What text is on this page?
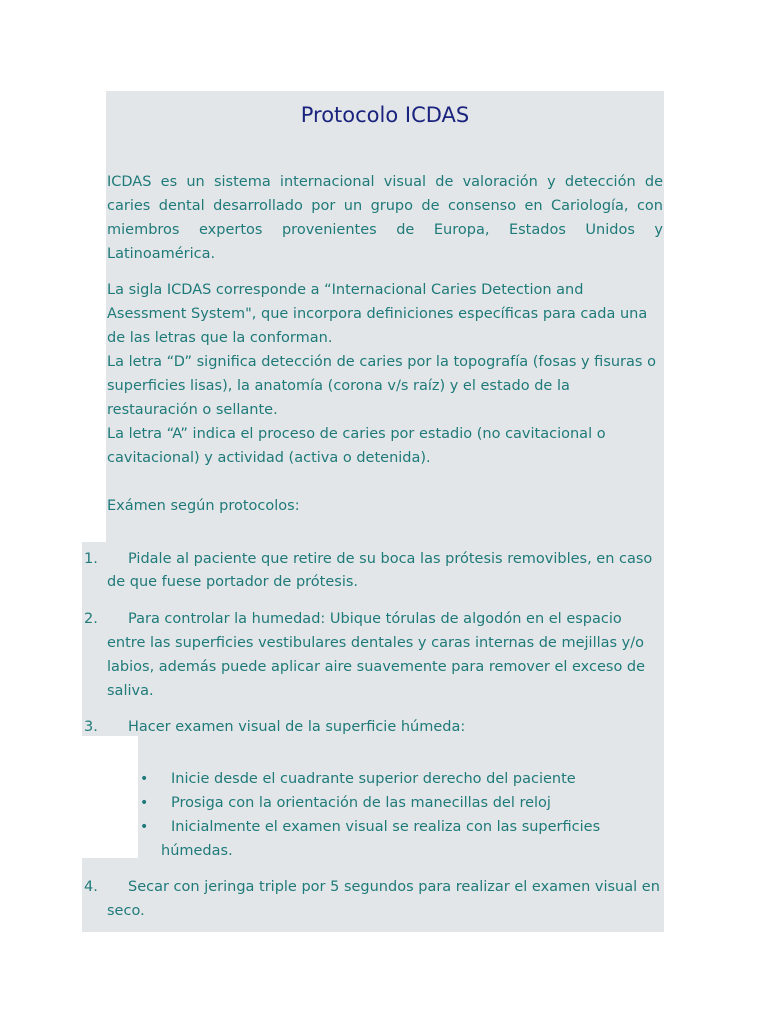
Protocolo ICDAS

ICDAS es un sistema internacional visual de valoración y detección de

caries dental desarrollado por un grupo de consenso en Cariología, con

miembros expertos provenientes de Europa, Estados Unidos y

Latinoamérica.

La sigla ICDAS corresponde a “Internacional Caries Detection and

Asessment System", que incorpora definiciones específicas para cada una

de las letras que la conforman.

La letra “D” significa detección de caries por la topografía (fosas y fisuras o

superficies lisas), la anatomía (corona v/s raíz) y el estado de la

restauración o sellante.

La letra “A” indica el proceso de caries por estadio (no cavitacional o

cavitacional) y actividad (activa o detenida).

Exámen según protocolos:

1. Pidale al paciente que retire de su boca las prótesis removibles, en caso

de que fuese portador de prótesis.

2. Para controlar la humedad: Ubique tórulas de algodón en el espacio

entre las superficies vestibulares dentales y caras internas de mejillas y/o

labios, además puede aplicar aire suavemente para remover el exceso de

saliva.

3. Hacer examen visual de la superficie húmeda:

• Inicie desde el cuadrante superior derecho del paciente

• Prosiga con la orientación de las manecillas del reloj

• Inicialmente el examen visual se realiza con las superficies

húmedas.

4. Secar con jeringa triple por 5 segundos para realizar el examen visual en

seco.
